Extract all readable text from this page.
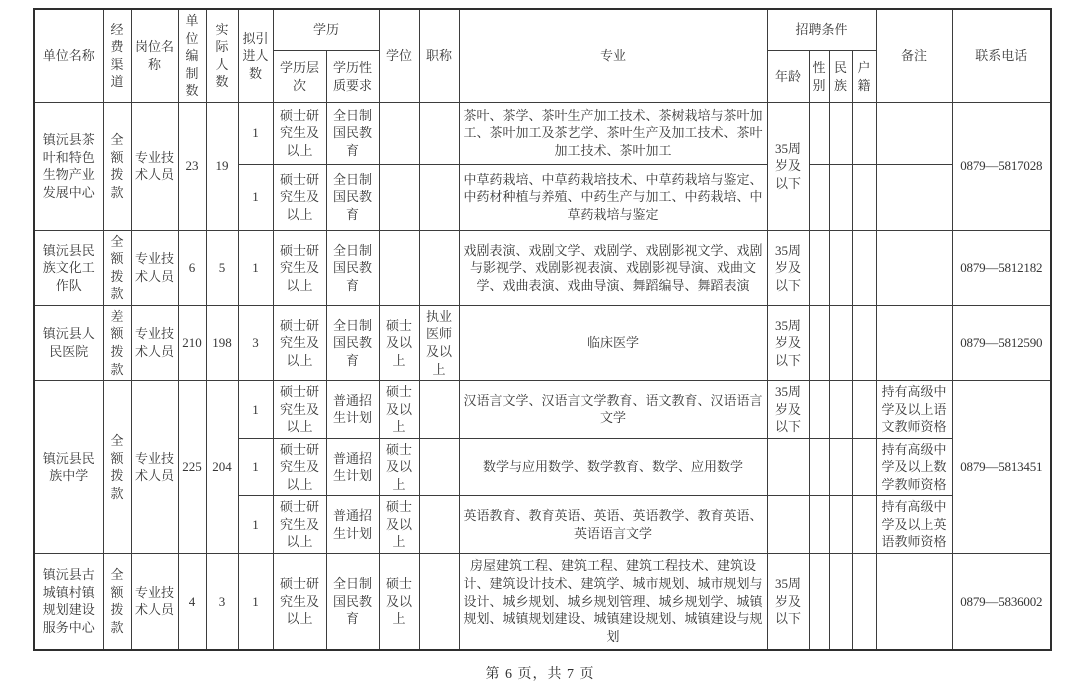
单位名称	经费渠道	岗位名称	单位编制数	实际人数	拟引进人数	学历		学位	职称	专业	招聘条件				备注	联系电话
						学历层次	学历性质要求				年龄	性别	民族	户籍		
镇沅县茶叶和特色生物产业发展中心	全额拨款	专业技术人员	23	19	1	硕士研究生及以上	全日制国民教育			茶叶、茶学、茶叶生产加工技术、茶树栽培与茶叶加工、茶叶加工及茶艺学、茶叶生产及加工技术、茶叶加工技术、茶叶加工	35周岁及以下					0879—5817028
					1	硕士研究生及以上	全日制国民教育			中草药栽培、中草药栽培技术、中草药栽培与鉴定、中药材种植与养殖、中药生产与加工、中药栽培、中草药栽培与鉴定						
镇沅县民族文化工作队	全额拨款	专业技术人员	6	5	1	硕士研究生及以上	全日制国民教育			戏剧表演、戏剧文学、戏剧学、戏剧影视文学、戏剧与影视学、戏剧影视表演、戏剧影视导演、戏曲文学、戏曲表演、戏曲导演、舞蹈编导、舞蹈表演	35周岁及以下					0879—5812182
镇沅县人民医院	差额拨款	专业技术人员	210	198	3	硕士研究生及以上	全日制国民教育	硕士及以上	执业医师及以上	临床医学	35周岁及以下					0879—5812590
镇沅县民族中学	全额拨款	专业技术人员	225	204	1	硕士研究生及以上	普通招生计划	硕士及以上		汉语言文学、汉语言文学教育、语文教育、汉语语言文学	35周岁及以下				持有高级中学及以上语文教师资格	0879—5813451
					1	硕士研究生及以上	普通招生计划	硕士及以上		数学与应用数学、数学教育、数学、应用数学					持有高级中学及以上数学教师资格	
					1	硕士研究生及以上	普通招生计划	硕士及以上		英语教育、教育英语、英语、英语教学、教育英语、英语语言文学					持有高级中学及以上英语教师资格	
镇沅县古城镇村镇规划建设服务中心	全额拨款	专业技术人员	4	3	1	硕士研究生及以上	全日制国民教育	硕士及以上		房屋建筑工程、建筑工程、建筑工程技术、建筑设计、建筑设计技术、建筑学、城市规划、城市规划与设计、城乡规划、城乡规划管理、城乡规划学、城镇规划、城镇规划建设、城镇建设规划、城镇建设与规划	35周岁及以下					0879—5836002
第 6 页，共 7 页
